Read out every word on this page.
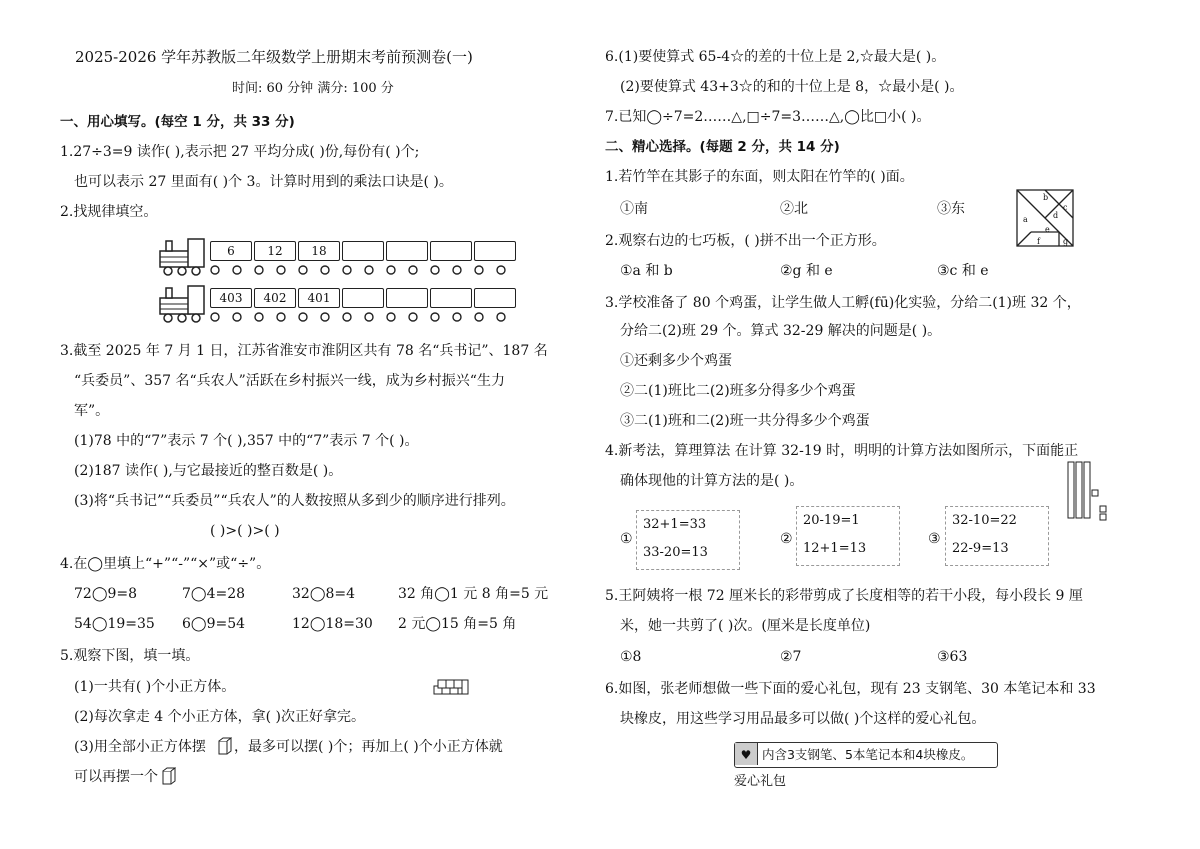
2025-2026 学年苏教版二年级数学上册期末考前预测卷(一)
时间: 60 分钟 满分: 100 分
一、用心填写。(每空 1 分，共 33 分)
1.27÷3=9 读作( ),表示把 27 平均分成( )份,每份有( )个;
也可以表示 27 里面有( )个 3。计算时用到的乘法口诀是( )。
2.找规律填空。
6	12	18
403	402	401
3.截至 2025 年 7 月 1 日，江苏省淮安市淮阴区共有 78 名“兵书记”、187 名
“兵委员”、357 名“兵农人”活跃在乡村振兴一线，成为乡村振兴“生力
军”。
(1)78 中的“7”表示 7 个( ),357 中的“7”表示 7 个( )。
(2)187 读作( ),与它最接近的整百数是( )。
(3)将“兵书记”“兵委员”“兵农人”的人数按照从多到少的顺序进行排列。
( )>( )>( )
4.在◯里填上“+”“-”“×”或“÷”。
72◯9=8	7◯4=28	32◯8=4	32 角◯1 元 8 角=5 元
54◯19=35 6◯9=54	12◯18=30 2 元◯15 角=5 角
5.观察下图，填一填。
(1)一共有( )个小正方体。
(2)每次拿走 4 个小正方体，拿( )次正好拿完。
(3)用全部小正方体摆 ，最多可以摆( )个；再加上( )个小正方体就
可以再摆一个
6.(1)要使算式 65-4☆的差的十位上是 2,☆最大是( )。
(2)要使算式 43+3☆的和的十位上是 8，☆最小是( )。
7.已知◯÷7=2……△,□÷7=3……△,◯比□小( )。
二、精心选择。(每题 2 分，共 14 分)
1.若竹竿在其影子的东面，则太阳在竹竿的( )面。
①南	②北	③东
a
b
c
d
e
f	g
2.观察右边的七巧板，( )拼不出一个正方形。
①a 和 b	②g 和 e	③c 和 e
3.学校准备了 80 个鸡蛋，让学生做人工孵(fū)化实验，分给二(1)班 32 个，
分给二(2)班 29 个。算式 32-29 解决的问题是( )。
①还剩多少个鸡蛋
②二(1)班比二(2)班多分得多少个鸡蛋
③二(1)班和二(2)班一共分得多少个鸡蛋
4.新考法，算理算法 在计算 32-19 时，明明的计算方法如图所示，下面能正
确体现他的计算方法的是( )。
①
32+1=33
33-20=13
②
20-19=1
12+1=13
③
32-10=22
22-9=13
5.王阿姨将一根 72 厘米长的彩带剪成了长度相等的若干小段，每小段长 9 厘
米，她一共剪了( )次。(厘米是长度单位)
①8	②7	③63
6.如图，张老师想做一些下面的爱心礼包，现有 23 支钢笔、30 本笔记本和 33
块橡皮，用这些学习用品最多可以做( )个这样的爱心礼包。
♥ 内含3支钢笔、5本笔记本和4块橡皮。
爱心礼包
